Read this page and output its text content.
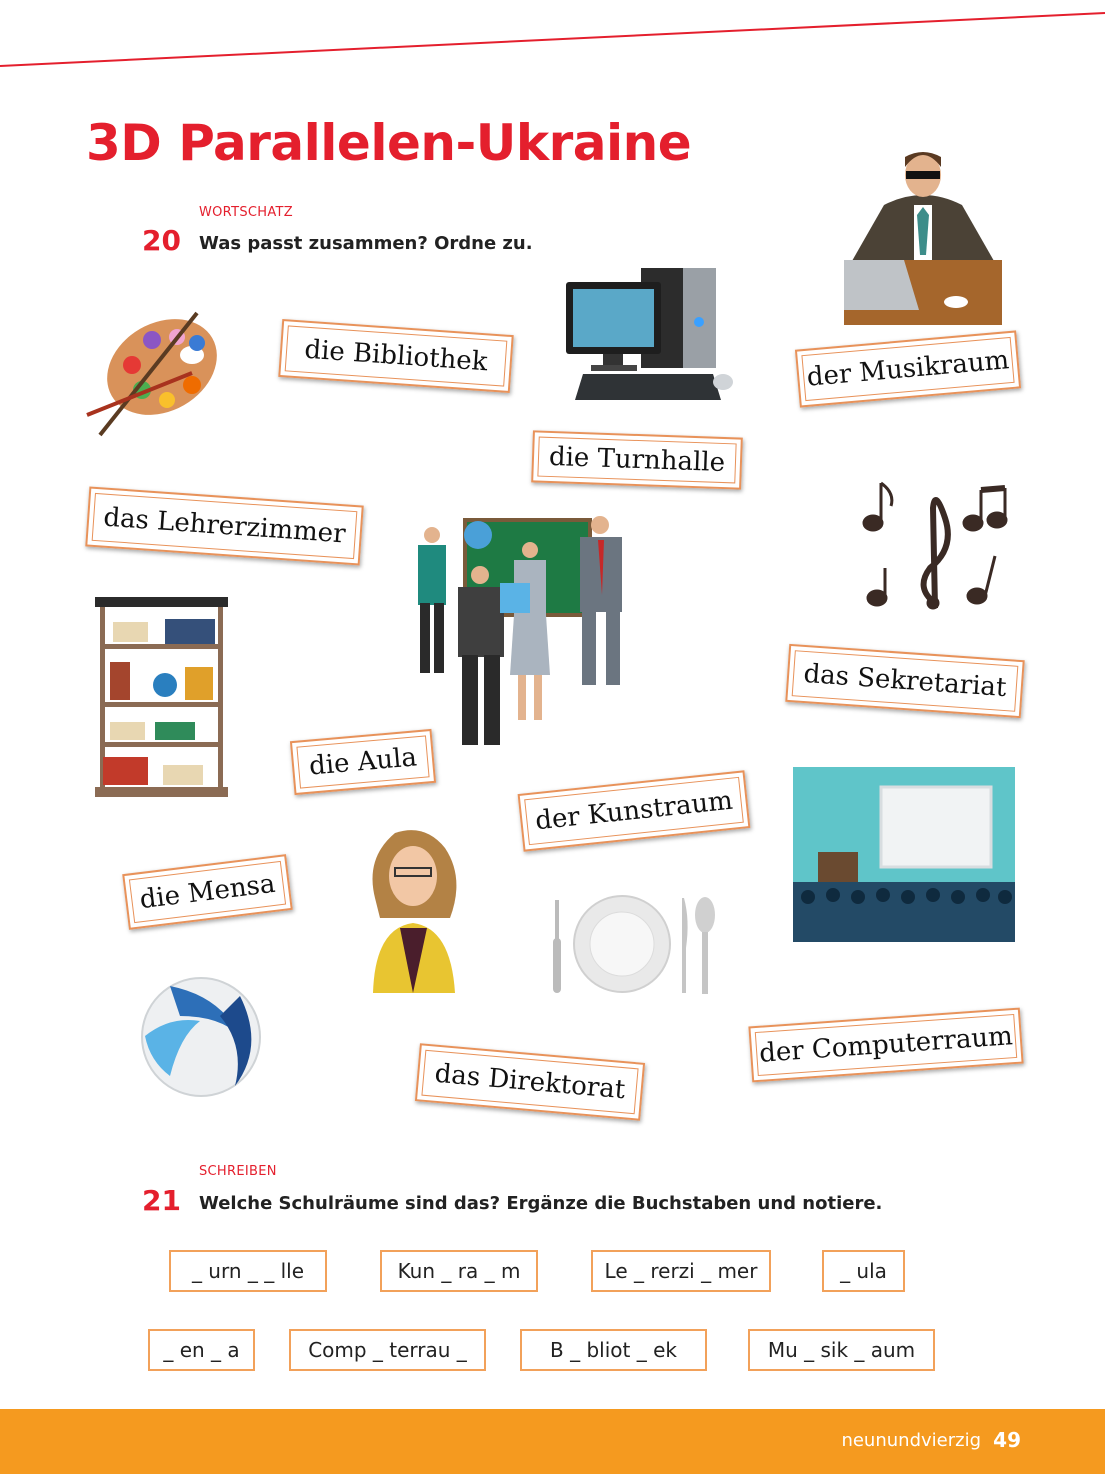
3D Parallelen-Ukraine
WORTSCHATZ
20 Was passt zusammen? Ordne zu.
die Bibliothek	der Musikraum
die Turnhalle
das Lehrerzimmer
das Sekretariat
die Aula
der Kunstraum
die Mensa
der Computerraum
das Direktorat
SCHREIBEN
21 Welche Schulräume sind das? Ergänze die Buchstaben und notiere.
_ urn _ _ lle	Kun _ ra _ m	Le _ rerzi _ mer	_ ula
_ en _ a	Comp _ terrau _	B _ bliot _ ek	Mu _ sik _ aum
neunundvierzig 49
